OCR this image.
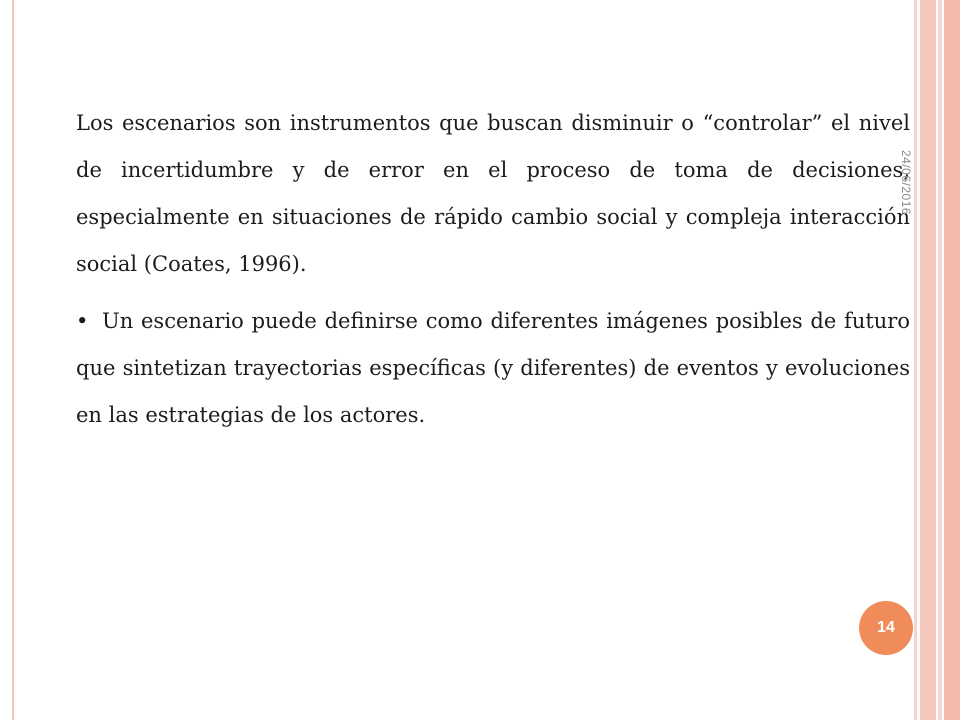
Los escenarios son instrumentos que buscan disminuir o “controlar” el nivel de incertidumbre y de error en el proceso de toma de decisiones, especialmente en situaciones de rápido cambio social y compleja interacción social (Coates, 1996).

• Un escenario puede definirse como diferentes imágenes posibles de futuro que sintetizan trayectorias específicas (y diferentes) de eventos y evoluciones en las estrategias de los actores.

24/06/2016
14
